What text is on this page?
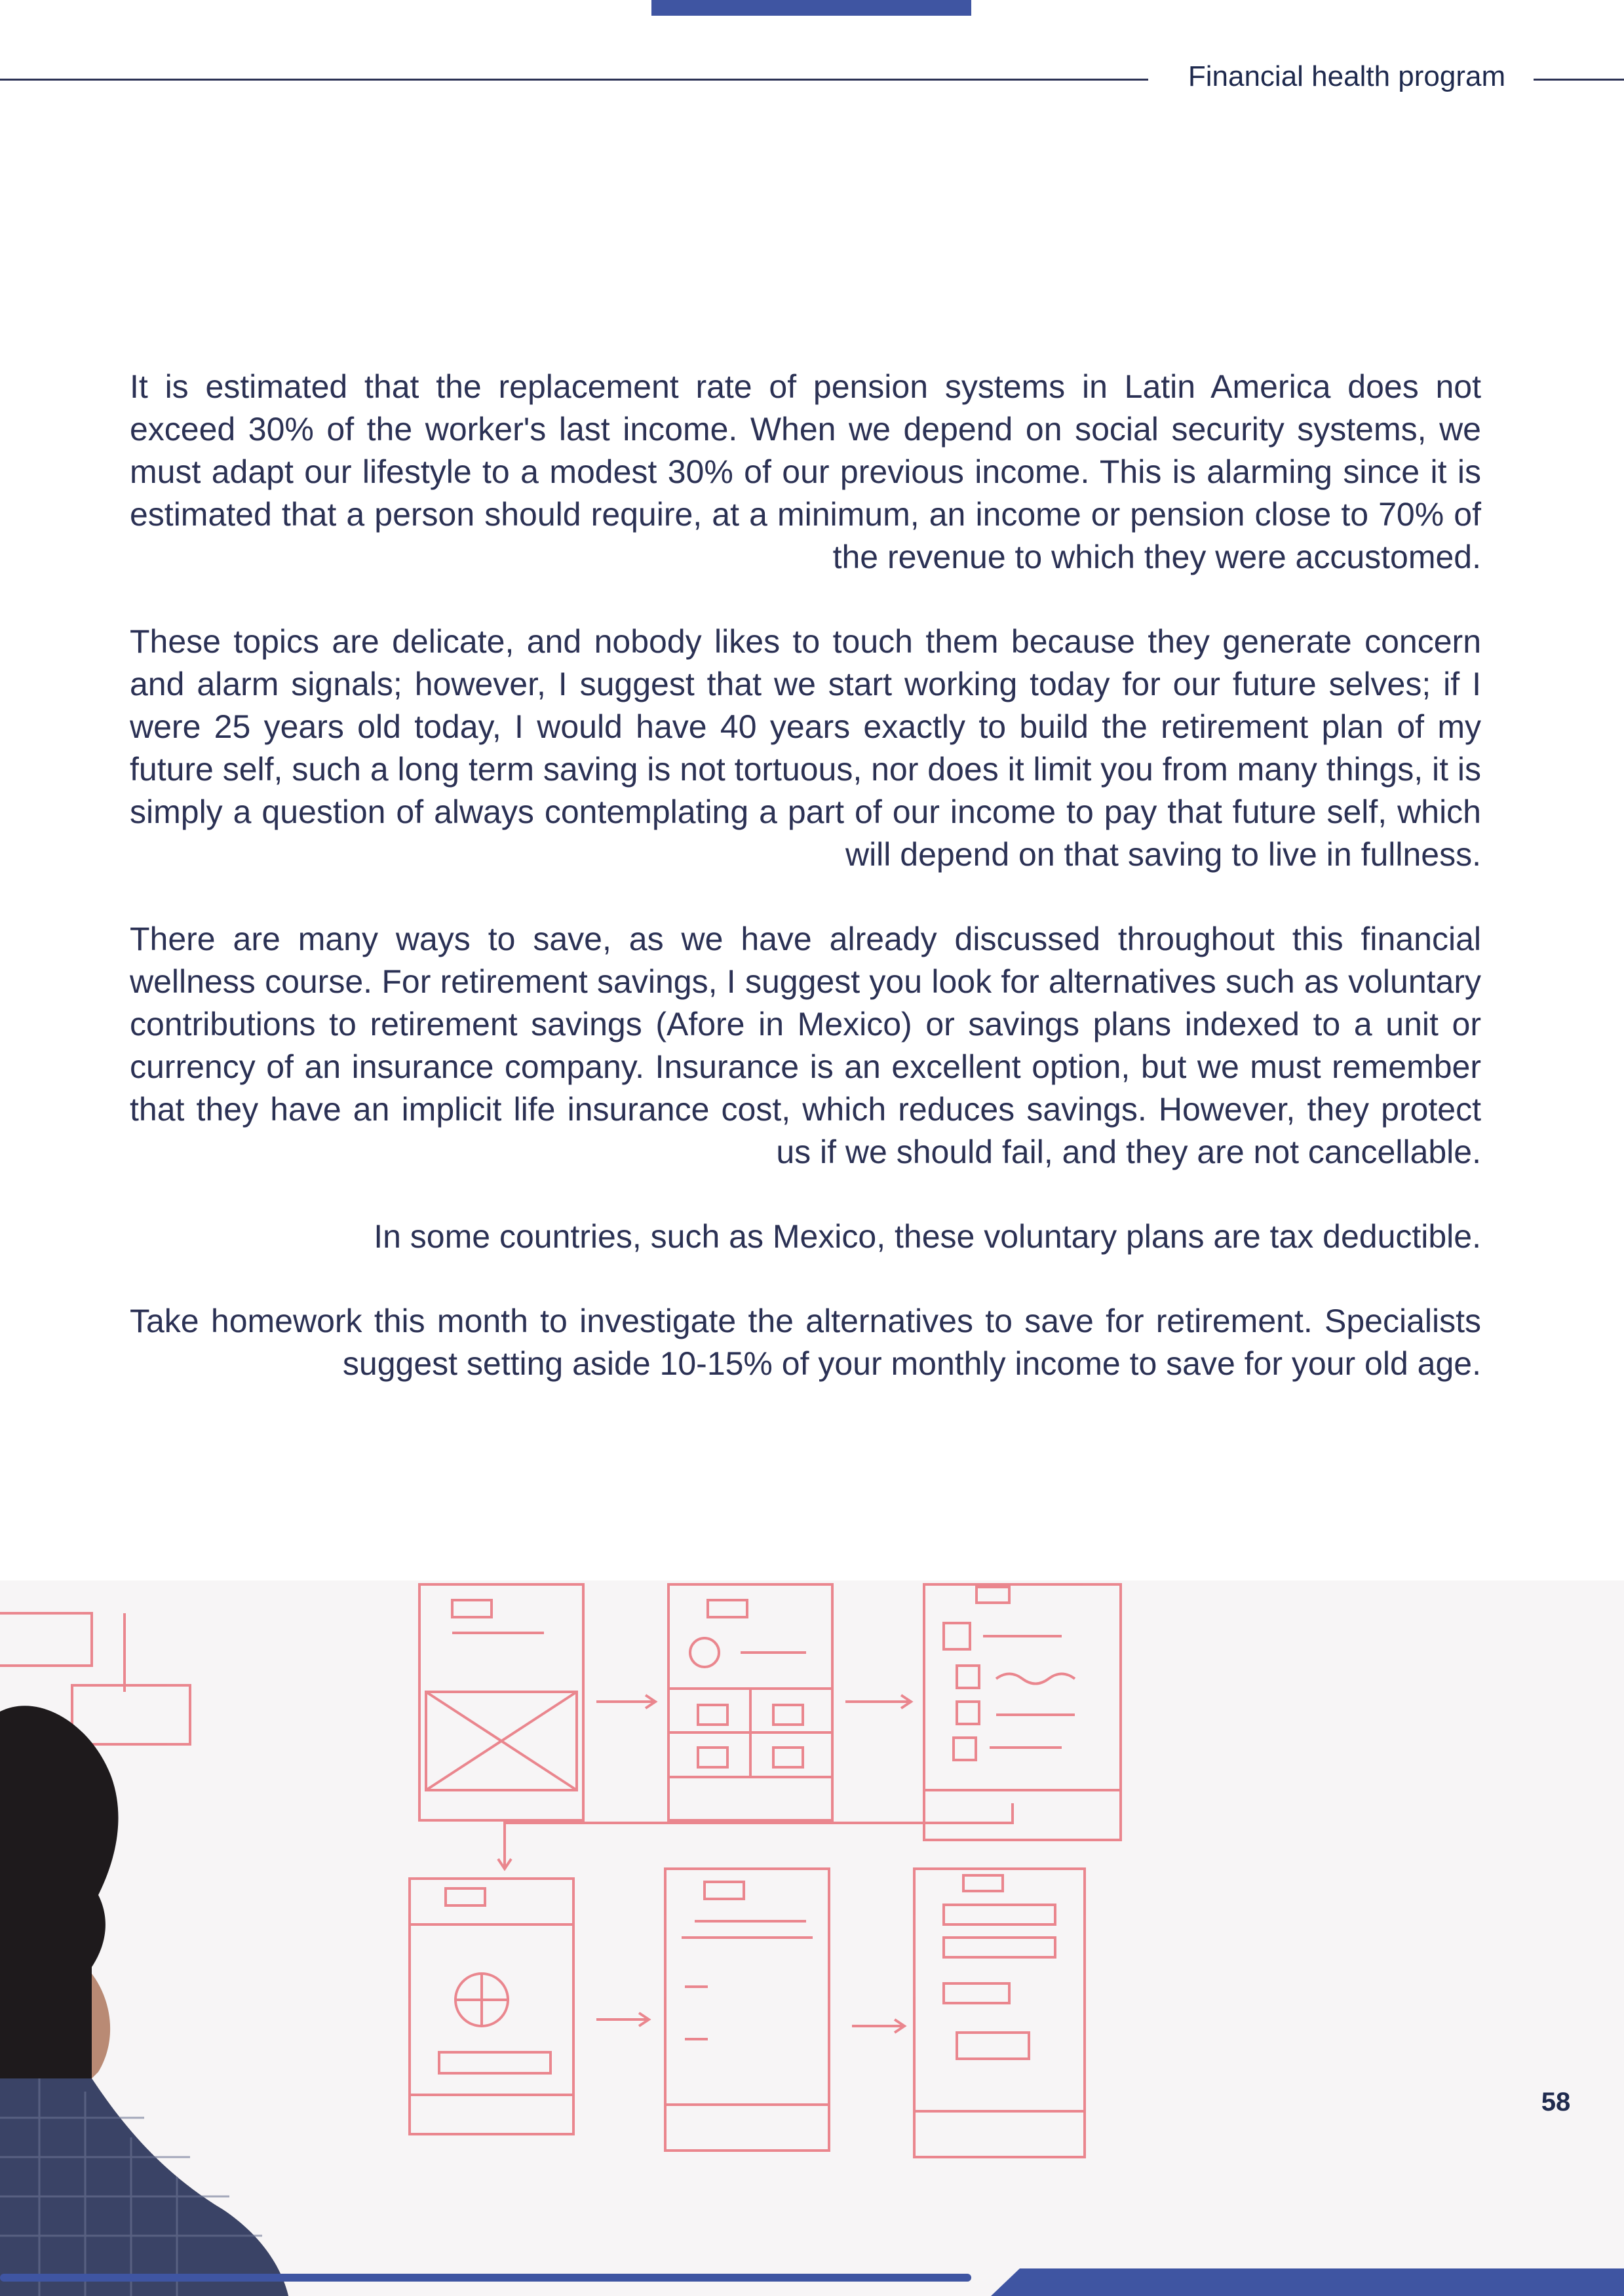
Financial health program

It is estimated that the replacement rate of pension systems in Latin America does not exceed 30% of the worker's last income. When we depend on social security systems, we must adapt our lifestyle to a modest 30% of our previous income. This is alarming since it is estimated that a person should require, at a minimum, an income or pension close to 70% of the revenue to which they were accustomed.

These topics are delicate, and nobody likes to touch them because they generate concern and alarm signals; however, I suggest that we start working today for our future selves; if I were 25 years old today, I would have 40 years exactly to build the retirement plan of my future self, such a long term saving is not tortuous, nor does it limit you from many things, it is simply a question of always contemplating a part of our income to pay that future self, which will depend on that saving to live in fullness.

There are many ways to save, as we have already discussed throughout this financial wellness course. For retirement savings, I suggest you look for alternatives such as voluntary contributions to retirement savings (Afore in Mexico) or savings plans indexed to a unit or currency of an insurance company. Insurance is an excellent option, but we must remember that they have an implicit life insurance cost, which reduces savings. However, they protect us if we should fail, and they are not cancellable.

In some countries, such as Mexico, these voluntary plans are tax deductible.

Take homework this month to investigate the alternatives to save for retirement. Specialists suggest setting aside 10-15% of your monthly income to save for your old age.

58
